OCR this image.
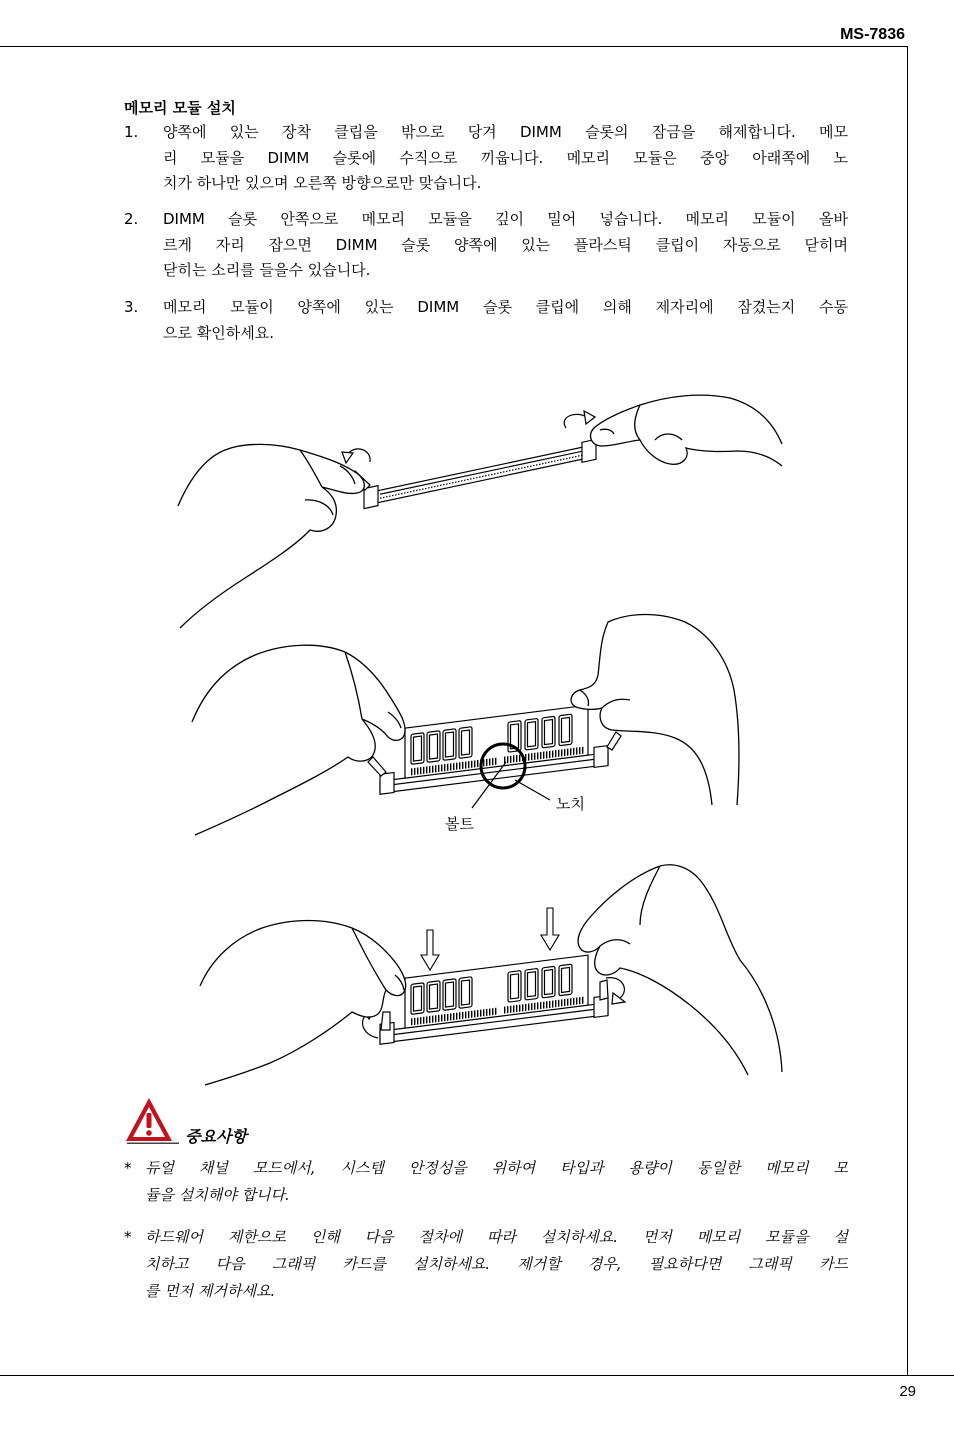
MS-7836
메모리 모듈 설치
1. 양쪽에 있는 장착 클립을 밖으로 당겨 DIMM 슬롯의 잠금을 해제합니다. 메모
리 모듈을 DIMM 슬롯에 수직으로 끼웁니다. 메모리 모듈은 중앙 아래쪽에 노
치가 하나만 있으며 오른쪽 방향으로만 맞습니다.
2. DIMM 슬롯 안쪽으로 메모리 모듈을 깊이 밀어 넣습니다. 메모리 모듈이 올바
르게 자리 잡으면 DIMM 슬롯 양쪽에 있는 플라스틱 클립이 자동으로 닫히며
닫히는 소리를 들을수 있습니다.
3. 메모리 모듈이 양쪽에 있는 DIMM 슬롯 클립에 의해 제자리에 잠겼는지 수동
으로 확인하세요.
노치
볼트
중요사항
* 듀얼 채널 모드에서, 시스템 안정성을 위하여 타입과 용량이 동일한 메모리 모
듈을 설치해야 합니다.
* 하드웨어 제한으로 인해 다음 절차에 따라 설치하세요. 먼저 메모리 모듈을 설
치하고 다음 그래픽 카드를 설치하세요. 제거할 경우, 필요하다면 그래픽 카드
를 먼저 제거하세요.
29
